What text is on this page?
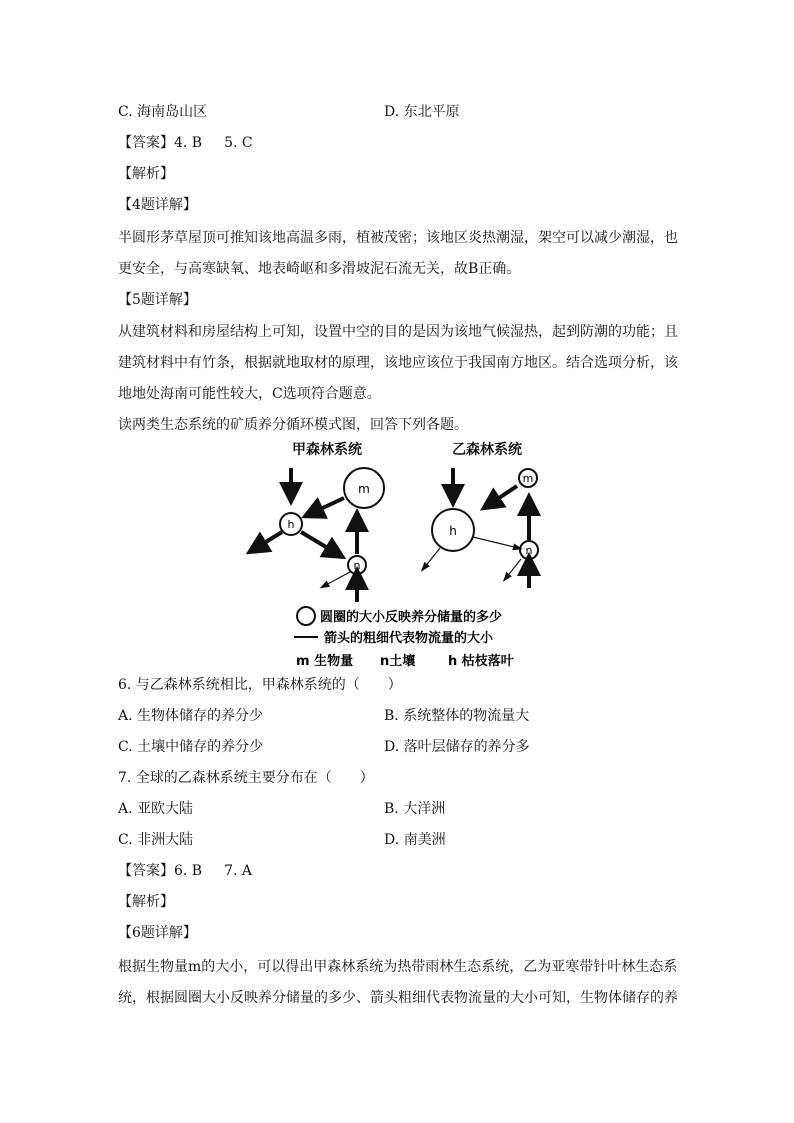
C. 海南岛山区	D. 东北平原
【答案】4. B 5. C
【解析】
【4题详解】
半圆形茅草屋顶可推知该地高温多雨，植被茂密；该地区炎热潮湿，架空可以减少潮湿，也
更安全，与高寒缺氧、地表崎岖和多滑坡泥石流无关，故B正确。
【5题详解】
从建筑材料和房屋结构上可知，设置中空的目的是因为该地气候湿热，起到防潮的功能；且
建筑材料中有竹条，根据就地取材的原理，该地应该位于我国南方地区。结合选项分析，该
地地处海南可能性较大，C选项符合题意。
读两类生态系统的矿质养分循环模式图，回答下列各题。
甲森林系统	乙森林系统
m
h
n
m
h
n
圆圈的大小反映养分储量的多少
箭头的粗细代表物流量的大小
m 生物量 n土壤	h 枯枝落叶
6. 与乙森林系统相比，甲森林系统的（　　）
A. 生物体储存的养分少	B. 系统整体的物流量大
C. 土壤中储存的养分少	D. 落叶层储存的养分多
7. 全球的乙森林系统主要分布在（　　）
A. 亚欧大陆	B. 大洋洲
C. 非洲大陆	D. 南美洲
【答案】6. B 7. A
【解析】
【6题详解】
根据生物量m的大小，可以得出甲森林系统为热带雨林生态系统，乙为亚寒带针叶林生态系
统，根据圆圈大小反映养分储量的多少、箭头粗细代表物流量的大小可知，生物体储存的养
